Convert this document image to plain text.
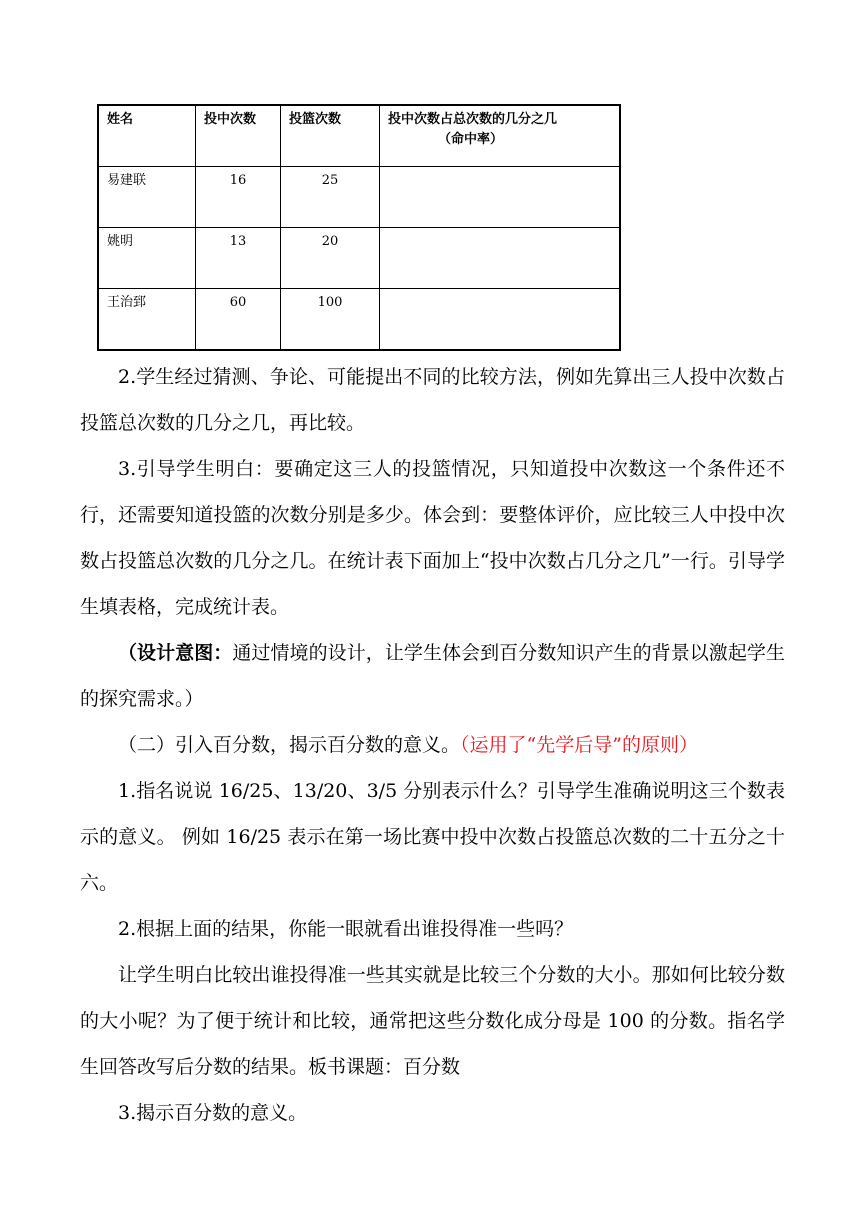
姓名	投中次数	投篮次数	投中次数占总次数的几分之几
（命中率）

易建联	16	25	
姚明	13	20	
王治郅	60	100	

2.学生经过猜测、争论、可能提出不同的比较方法，例如先算出三人投中次数占投篮总次数的几分之几，再比较。

3.引导学生明白：要确定这三人的投篮情况，只知道投中次数这一个条件还不行，还需要知道投篮的次数分别是多少。体会到：要整体评价，应比较三人中投中次数占投篮总次数的几分之几。在统计表下面加上“投中次数占几分之几”一行。引导学生填表格，完成统计表。

（设计意图：通过情境的设计，让学生体会到百分数知识产生的背景以激起学生的探究需求。）

（二）引入百分数，揭示百分数的意义。（运用了“先学后导”的原则）

1.指名说说 16/25、13/20、3/5 分别表示什么？引导学生准确说明这三个数表示的意义。 例如 16/25 表示在第一场比赛中投中次数占投篮总次数的二十五分之十六。

2.根据上面的结果，你能一眼就看出谁投得准一些吗？

让学生明白比较出谁投得准一些其实就是比较三个分数的大小。那如何比较分数的大小呢？为了便于统计和比较，通常把这些分数化成分母是 100 的分数。指名学生回答改写后分数的结果。板书课题：百分数

3.揭示百分数的意义。
